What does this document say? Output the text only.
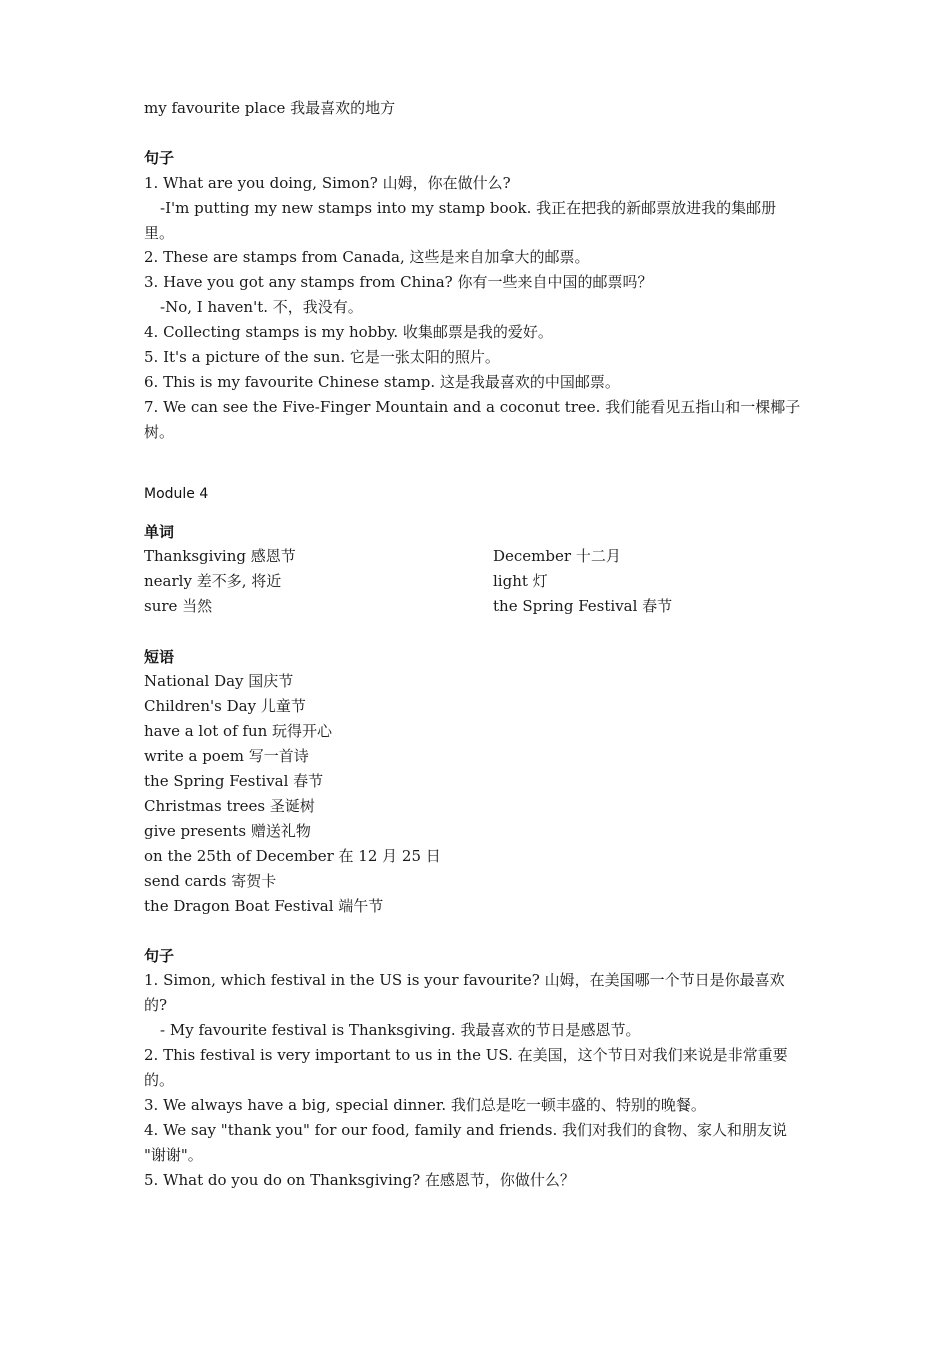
my favourite place 我最喜欢的地方
句子
1. What are you doing, Simon? 山姆，你在做什么?
-I'm putting my new stamps into my stamp book. 我正在把我的新邮票放进我的集邮册
里。
2. These are stamps from Canada, 这些是来自加拿大的邮票。
3. Have you got any stamps from China? 你有一些来自中国的邮票吗？
-No, I haven't. 不，我没有。
4. Collecting stamps is my hobby. 收集邮票是我的爱好。
5. It's a picture of the sun. 它是一张太阳的照片。
6. This is my favourite Chinese stamp. 这是我最喜欢的中国邮票。
7. We can see the Five-Finger Mountain and a coconut tree. 我们能看见五指山和一棵椰子
树。
Module 4
单词
Thanksgiving 感恩节
nearly 差不多, 将近
sure 当然
December 十二月
light 灯
the Spring Festival 春节
短语
National Day 国庆节
Children's Day 儿童节
have a lot of fun 玩得开心
write a poem 写一首诗
the Spring Festival 春节
Christmas trees 圣诞树
give presents 赠送礼物
on the 25th of December 在 12 月 25 日
send cards 寄贺卡
the Dragon Boat Festival 端午节
句子
1. Simon, which festival in the US is your favourite? 山姆，在美国哪一个节日是你最喜欢
的?
- My favourite festival is Thanksgiving. 我最喜欢的节日是感恩节。
2. This festival is very important to us in the US. 在美国，这个节日对我们来说是非常重要
的。
3. We always have a big, special dinner. 我们总是吃一顿丰盛的、特别的晚餐。
4. We say "thank you" for our food, family and friends. 我们对我们的食物、家人和朋友说
"谢谢"。
5. What do you do on Thanksgiving? 在感恩节，你做什么？
